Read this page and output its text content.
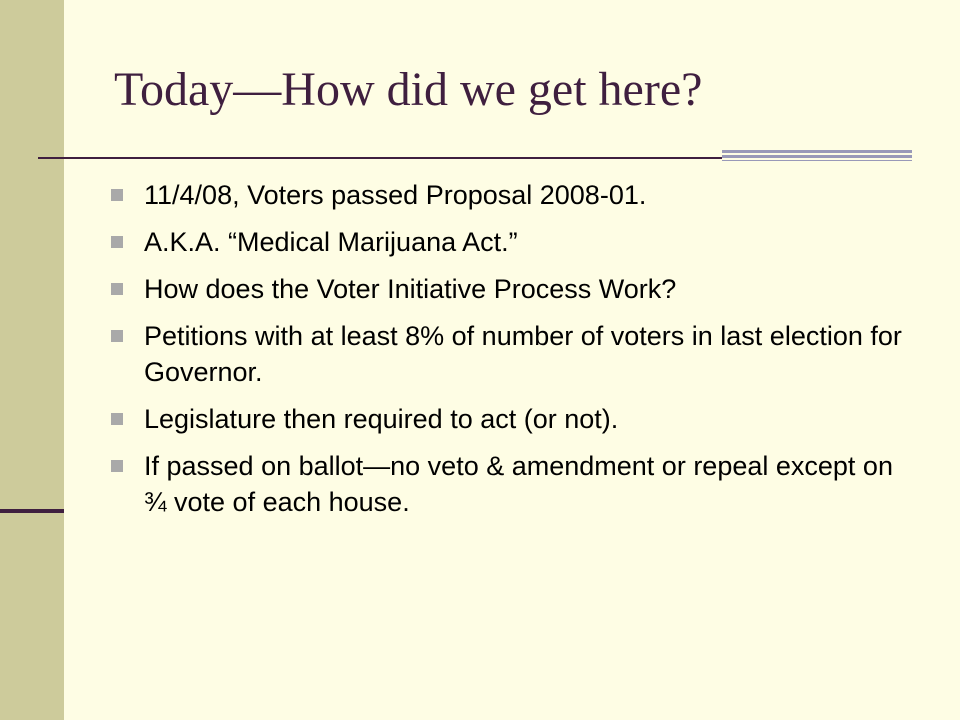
Today—How did we get here?
11/4/08, Voters passed Proposal 2008-01.
A.K.A. “Medical Marijuana Act.”
How does the Voter Initiative Process Work?
Petitions with at least 8% of number of voters in last election for Governor.
Legislature then required to act (or not).
If passed on ballot—no veto & amendment or repeal except on ¾ vote of each house.
